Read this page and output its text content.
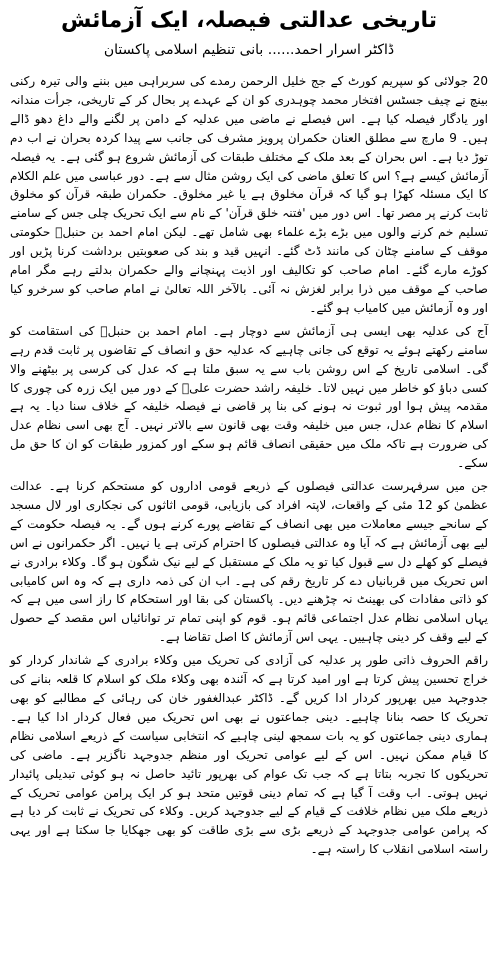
تاریخی عدالتی فیصلہ، ایک آزمائش
ڈاکٹر اسرار احمد...... بانی تنظیم اسلامی پاکستان

20 جولائی کو سپریم کورٹ کے جج خلیل الرحمن رمدے کی سربراہی میں بننے والی تیرہ رکنی بینچ نے چیف جسٹس افتخار محمد چوہدری کو ان کے عہدے پر بحال کر کے تاریخی، جرأت مندانہ اور یادگار فیصلہ کیا ہے۔ اس فیصلے نے ماضی میں عدلیہ کے دامن پر لگنے والے داغ دھو ڈالے ہیں۔ 9 مارچ سے مطلق العنان حکمران پرویز مشرف کی جانب سے پیدا کردہ بحران نے اب دم توڑ دیا ہے۔ اس بحران کے بعد ملک کے مختلف طبقات کی آزمائش شروع ہو گئی ہے۔ یہ فیصلہ آزمائش کیسے ہے؟ اس کا تعلق ماضی کی ایک روشن مثال سے ہے۔ دور عباسی میں علم الکلام کا ایک مسئلہ کھڑا ہو گیا کہ قرآن مخلوق ہے یا غیر مخلوق۔ حکمران طبقہ قرآن کو مخلوق ثابت کرنے پر مصر تھا۔ اس دور میں 'فتنہ خلق قرآن' کے نام سے ایک تحریک چلی جس کے سامنے تسلیم خم کرنے والوں میں بڑے بڑے علماء بھی شامل تھے۔ لیکن امام احمد بن حنبلؒ حکومتی موقف کے سامنے چٹان کی مانند ڈٹ گئے۔ انہیں قید و بند کی صعوبتیں برداشت کرنا پڑیں اور کوڑے مارے گئے۔ امام صاحب کو تکالیف اور اذیت پہنچانے والے حکمران بدلتے رہے مگر امام صاحب کے موقف میں ذرا برابر لغزش نہ آئی۔ بالآخر اللہ تعالیٰ نے امام صاحب کو سرخرو کیا اور وہ آزمائش میں کامیاب ہو گئے۔

آج کی عدلیہ بھی ایسی ہی آزمائش سے دوچار ہے۔ امام احمد بن حنبلؒ کی استقامت کو سامنے رکھتے ہوئے یہ توقع کی جانی چاہیے کہ عدلیہ حق و انصاف کے تقاضوں پر ثابت قدم رہے گی۔ اسلامی تاریخ کے اس روشن باب سے یہ سبق ملتا ہے کہ عدل کی کرسی پر بیٹھنے والا کسی دباؤ کو خاطر میں نہیں لاتا۔ خلیفہ راشد حضرت علیؓ کے دور میں ایک زرہ کی چوری کا مقدمہ پیش ہوا اور ثبوت نہ ہونے کی بنا پر قاضی نے فیصلہ خلیفہ کے خلاف سنا دیا۔ یہ ہے اسلام کا نظام عدل، جس میں خلیفہ وقت بھی قانون سے بالاتر نہیں۔ آج بھی اسی نظام عدل کی ضرورت ہے تاکہ ملک میں حقیقی انصاف قائم ہو سکے اور کمزور طبقات کو ان کا حق مل سکے۔

جن میں سرفہرست عدالتی فیصلوں کے ذریعے قومی اداروں کو مستحکم کرنا ہے۔ عدالت عظمیٰ کو 12 مئی کے واقعات، لاپتہ افراد کی بازیابی، قومی اثاثوں کی نجکاری اور لال مسجد کے سانحے جیسے معاملات میں بھی انصاف کے تقاضے پورے کرنے ہوں گے۔ یہ فیصلہ حکومت کے لیے بھی آزمائش ہے کہ آیا وہ عدالتی فیصلوں کا احترام کرتی ہے یا نہیں۔ اگر حکمرانوں نے اس فیصلے کو کھلے دل سے قبول کیا تو یہ ملک کے مستقبل کے لیے نیک شگون ہو گا۔ وکلاء برادری نے اس تحریک میں قربانیاں دے کر تاریخ رقم کی ہے۔ اب ان کی ذمہ داری ہے کہ وہ اس کامیابی کو ذاتی مفادات کی بھینٹ نہ چڑھنے دیں۔ پاکستان کی بقا اور استحکام کا راز اسی میں ہے کہ یہاں اسلامی نظام عدل اجتماعی قائم ہو۔ قوم کو اپنی تمام تر توانائیاں اس مقصد کے حصول کے لیے وقف کر دینی چاہییں۔ یہی اس آزمائش کا اصل تقاضا ہے۔

راقم الحروف ذاتی طور پر عدلیہ کی آزادی کی تحریک میں وکلاء برادری کے شاندار کردار کو خراج تحسین پیش کرتا ہے اور امید کرتا ہے کہ آئندہ بھی وکلاء ملک کو اسلام کا قلعہ بنانے کی جدوجہد میں بھرپور کردار ادا کریں گے۔ ڈاکٹر عبدالغفور خان کی رہائی کے مطالبے کو بھی تحریک کا حصہ بنانا چاہیے۔ دینی جماعتوں نے بھی اس تحریک میں فعال کردار ادا کیا ہے۔ ہماری دینی جماعتوں کو یہ بات سمجھ لینی چاہیے کہ انتخابی سیاست کے ذریعے اسلامی نظام کا قیام ممکن نہیں۔ اس کے لیے عوامی تحریک اور منظم جدوجہد ناگزیر ہے۔ ماضی کی تحریکوں کا تجربہ بتاتا ہے کہ جب تک عوام کی بھرپور تائید حاصل نہ ہو کوئی تبدیلی پائیدار نہیں ہوتی۔ اب وقت آ گیا ہے کہ تمام دینی قوتیں متحد ہو کر ایک پرامن عوامی تحریک کے ذریعے ملک میں نظام خلافت کے قیام کے لیے جدوجہد کریں۔ وکلاء کی تحریک نے ثابت کر دیا ہے کہ پرامن عوامی جدوجہد کے ذریعے بڑی سے بڑی طاقت کو بھی جھکایا جا سکتا ہے اور یہی راستہ اسلامی انقلاب کا راستہ ہے۔
